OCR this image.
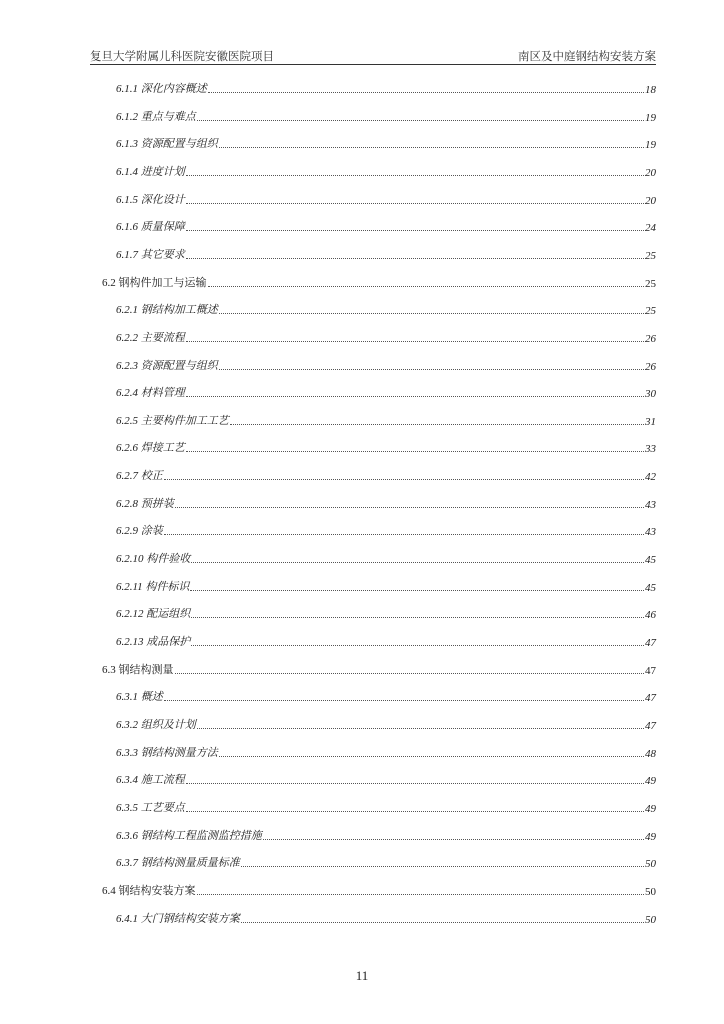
复旦大学附属儿科医院安徽医院项目	南区及中庭钢结构安装方案
6.1.1 深化内容概述	18
6.1.2 重点与难点	19
6.1.3 资源配置与组织	19
6.1.4 进度计划	20
6.1.5 深化设计	20
6.1.6 质量保障	24
6.1.7 其它要求	25
6.2 钢构件加工与运输	25
6.2.1 钢结构加工概述	25
6.2.2 主要流程	26
6.2.3 资源配置与组织	26
6.2.4 材料管理	30
6.2.5 主要构件加工工艺	31
6.2.6 焊接工艺	33
6.2.7 校正	42
6.2.8 预拼装	43
6.2.9 涂装	43
6.2.10 构件验收	45
6.2.11 构件标识	45
6.2.12 配运组织	46
6.2.13 成品保护	47
6.3 钢结构测量	47
6.3.1 概述	47
6.3.2 组织及计划	47
6.3.3 钢结构测量方法	48
6.3.4 施工流程	49
6.3.5 工艺要点	49
6.3.6 钢结构工程监测监控措施	49
6.3.7 钢结构测量质量标准	50
6.4 钢结构安装方案	50
6.4.1 大门钢结构安装方案	50
11
